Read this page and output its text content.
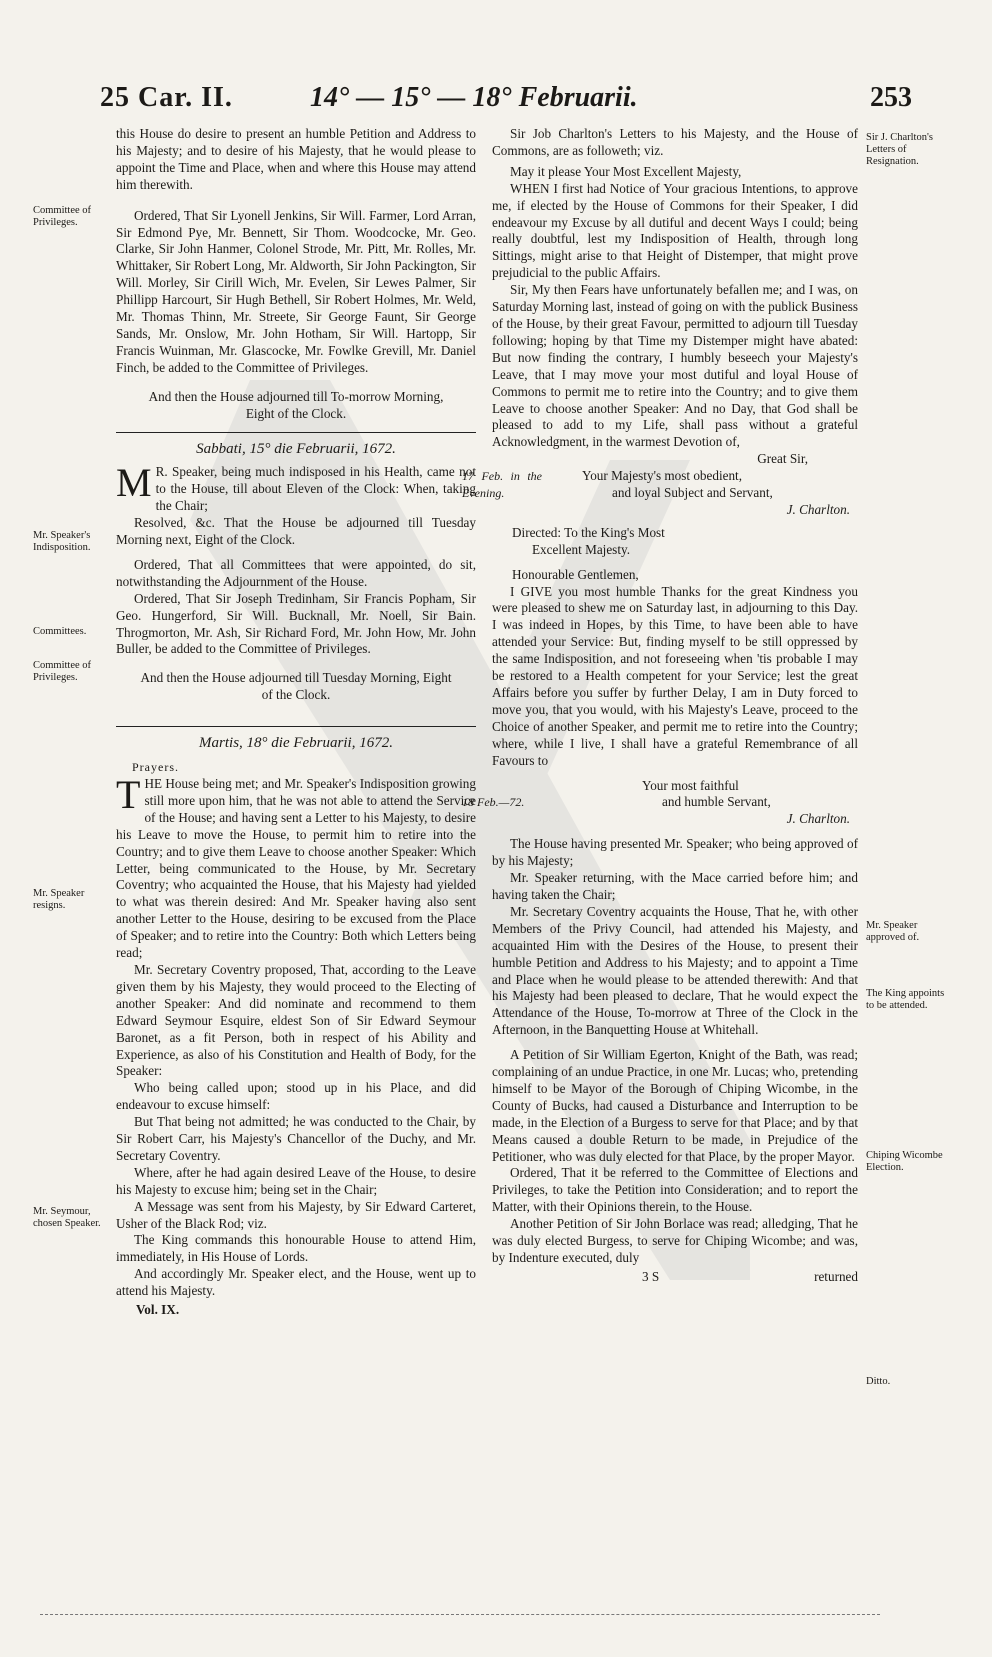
25 Car. II.	14° — 15° — 18° Februarii.	253
Committee of Privileges.
Mr. Speaker's Indisposition.
Committees.
Committee of Privileges.
Mr. Speaker resigns.
Mr. Seymour, chosen Speaker.
Sir J. Charlton's Letters of Resignation.
Mr. Speaker approved of.
The King appoints to be attended.
Chiping Wicombe Election.
Ditto.

this House do desire to present an humble Petition and Address to his Majesty; and to desire of his Majesty, that he would please to appoint the Time and Place, when and where this House may attend him therewith.

Ordered, That Sir Lyonell Jenkins, Sir Will. Farmer, Lord Arran, Sir Edmond Pye, Mr. Bennett, Sir Thom. Woodcocke, Mr. Geo. Clarke, Sir John Hanmer, Colonel Strode, Mr. Pitt, Mr. Rolles, Mr. Whittaker, Sir Robert Long, Mr. Aldworth, Sir John Packington, Sir Will. Morley, Sir Cirill Wich, Mr. Evelen, Sir Lewes Palmer, Sir Phillipp Harcourt, Sir Hugh Bethell, Sir Robert Holmes, Mr. Weld, Mr. Thomas Thinn, Mr. Streete, Sir George Faunt, Sir George Sands, Mr. Onslow, Mr. John Hotham, Sir Will. Hartopp, Sir Francis Wuinman, Mr. Glascocke, Mr. Fowlke Grevill, Mr. Daniel Finch, be added to the Committee of Privileges.

And then the House adjourned till To-morrow Morning, Eight of the Clock.

Sabbati, 15° die Februarii, 1672.

M R. Speaker, being much indisposed in his Health, came not to the House, till about Eleven of the Clock: When, taking the Chair;

Resolved, &c. That the House be adjourned till Tuesday Morning next, Eight of the Clock.

Ordered, That all Committees that were appointed, do sit, notwithstanding the Adjournment of the House.

Ordered, That Sir Joseph Tredinham, Sir Francis Popham, Sir Geo. Hungerford, Sir Will. Bucknall, Mr. Noell, Sir Bain. Throgmorton, Mr. Ash, Sir Richard Ford, Mr. John How, Mr. John Buller, be added to the Committee of Privileges.

And then the House adjourned till Tuesday Morning, Eight of the Clock.

Martis, 18° die Februarii, 1672.

Prayers.

THE House being met; and Mr. Speaker's Indisposition growing still more upon him, that he was not able to attend the Service of the House; and having sent a Letter to his Majesty, to desire his Leave to move the House, to permit him to retire into the Country; and to give them Leave to choose another Speaker: Which Letter, being communicated to the House, by Mr. Secretary Coventry; who acquainted the House, that his Majesty had yielded to what was therein desired: And Mr. Speaker having also sent another Letter to the House, desiring to be excused from the Place of Speaker; and to retire into the Country: Both which Letters being read;

Mr. Secretary Coventry proposed, That, according to the Leave given them by his Majesty, they would proceed to the Electing of another Speaker: And did nominate and recommend to them Edward Seymour Esquire, eldest Son of Sir Edward Seymour Baronet, as a fit Person, both in respect of his Ability and Experience, as also of his Constitution and Health of Body, for the Speaker:

Who being called upon; stood up in his Place, and did endeavour to excuse himself:

But That being not admitted; he was conducted to the Chair, by Sir Robert Carr, his Majesty's Chancellor of the Duchy, and Mr. Secretary Coventry.

Where, after he had again desired Leave of the House, to desire his Majesty to excuse him; being set in the Chair;

A Message was sent from his Majesty, by Sir Edward Carteret, Usher of the Black Rod; viz.

The King commands this honourable House to attend Him, immediately, in His House of Lords.

And accordingly Mr. Speaker elect, and the House, went up to attend his Majesty.

Vol. IX.

Sir Job Charlton's Letters to his Majesty, and the House of Commons, are as followeth; viz.

May it please Your Most Excellent Majesty,

WHEN I first had Notice of Your gracious Intentions, to approve me, if elected by the House of Commons for their Speaker, I did endeavour my Excuse by all dutiful and decent Ways I could; being really doubtful, lest my Indisposition of Health, through long Sittings, might arise to that Height of Distemper, that might prove prejudicial to the public Affairs.

Sir, My then Fears have unfortunately befallen me; and I was, on Saturday Morning last, instead of going on with the publick Business of the House, by their great Favour, permitted to adjourn till Tuesday following; hoping by that Time my Distemper might have abated: But now finding the contrary, I humbly beseech your Majesty's Leave, that I may move your most dutiful and loyal House of Commons to permit me to retire into the Country; and to give them Leave to choose another Speaker: And no Day, that God shall be pleased to add to my Life, shall pass without a grateful Acknowledgment, in the warmest Devotion of,

Great Sir,

17 Feb. in the Evening.

Your Majesty's most obedient,

and loyal Subject and Servant,

J. Charlton.

Directed: To the King's Most

Excellent Majesty.

Honourable Gentlemen,

I GIVE you most humble Thanks for the great Kindness you were pleased to shew me on Saturday last, in adjourning to this Day. I was indeed in Hopes, by this Time, to have been able to have attended your Service: But, finding myself to be still oppressed by the same Indisposition, and not foreseeing when 'tis probable I may be restored to a Health competent for your Service; lest the great Affairs before you suffer by further Delay, I am in Duty forced to move you, that you would, with his Majesty's Leave, proceed to the Choice of another Speaker, and permit me to retire into the Country; where, while I live, I shall have a grateful Remembrance of all Favours to

Your most faithful

18 Feb.—72.	and humble Servant,

J. Charlton.

The House having presented Mr. Speaker; who being approved of by his Majesty;

Mr. Speaker returning, with the Mace carried before him; and having taken the Chair;

Mr. Secretary Coventry acquaints the House, That he, with other Members of the Privy Council, had attended his Majesty, and acquainted Him with the Desires of the House, to present their humble Petition and Address to his Majesty; and to appoint a Time and Place when he would please to be attended therewith: And that his Majesty had been pleased to declare, That he would expect the Attendance of the House, To-morrow at Three of the Clock in the Afternoon, in the Banquetting House at Whitehall.

A Petition of Sir William Egerton, Knight of the Bath, was read; complaining of an undue Practice, in one Mr. Lucas; who, pretending himself to be Mayor of the Borough of Chiping Wicombe, in the County of Bucks, had caused a Disturbance and Interruption to be made, in the Election of a Burgess to serve for that Place; and by that Means caused a double Return to be made, in Prejudice of the Petitioner, who was duly elected for that Place, by the proper Mayor.

Ordered, That it be referred to the Committee of Elections and Privileges, to take the Petition into Consideration; and to report the Matter, with their Opinions therein, to the House.

Another Petition of Sir John Borlace was read; alledging, That he was duly elected Burgess, to serve for Chiping Wicombe; and was, by Indenture executed, duly

3 S	returned
